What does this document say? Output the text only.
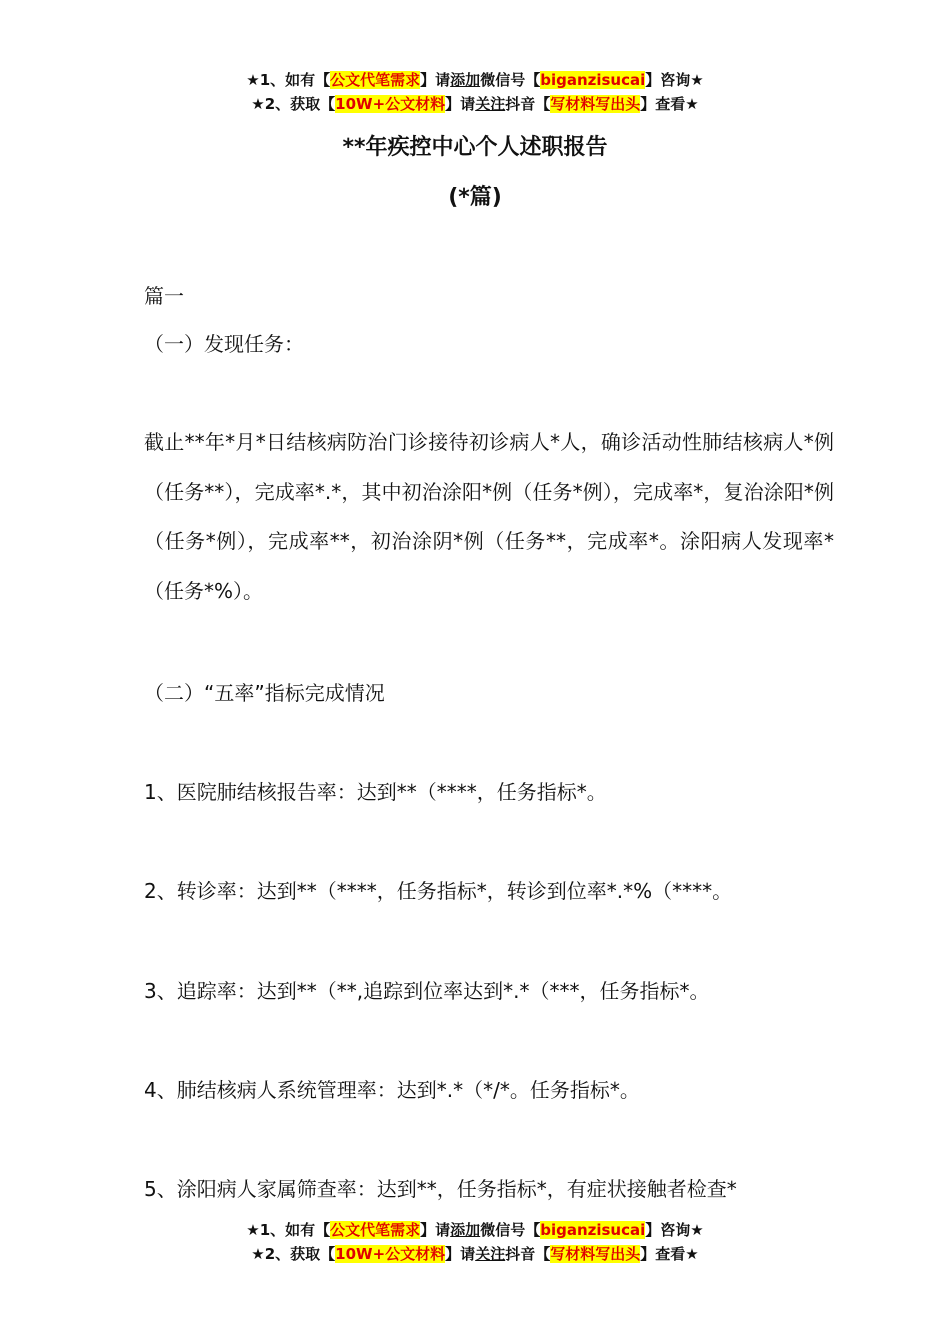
★1、如有【公文代笔需求】请添加微信号【biganzisucai】咨询★
★2、获取【10W+公文材料】请关注抖音【写材料写出头】查看★
**年疾控中心个人述职报告
(*篇)
篇一
（一）发现任务：
截止**年*月*日结核病防治门诊接待初诊病人*人，确诊活动性肺结核病人*例（任务**），完成率*.*，其中初治涂阳*例（任务*例），完成率*，复治涂阳*例（任务*例），完成率**，初治涂阴*例（任务**，完成率*。涂阳病人发现率*（任务*%）。
（二）“五率”指标完成情况
1、医院肺结核报告率：达到**（****，任务指标*。
2、转诊率：达到**（****，任务指标*，转诊到位率*.*%（****。
3、追踪率：达到**（**,追踪到位率达到*.*（***，任务指标*。
4、肺结核病人系统管理率：达到*.*（*/*。任务指标*。
5、涂阳病人家属筛查率：达到**，任务指标*，有症状接触者检查*
★1、如有【公文代笔需求】请添加微信号【biganzisucai】咨询★
★2、获取【10W+公文材料】请关注抖音【写材料写出头】查看★
